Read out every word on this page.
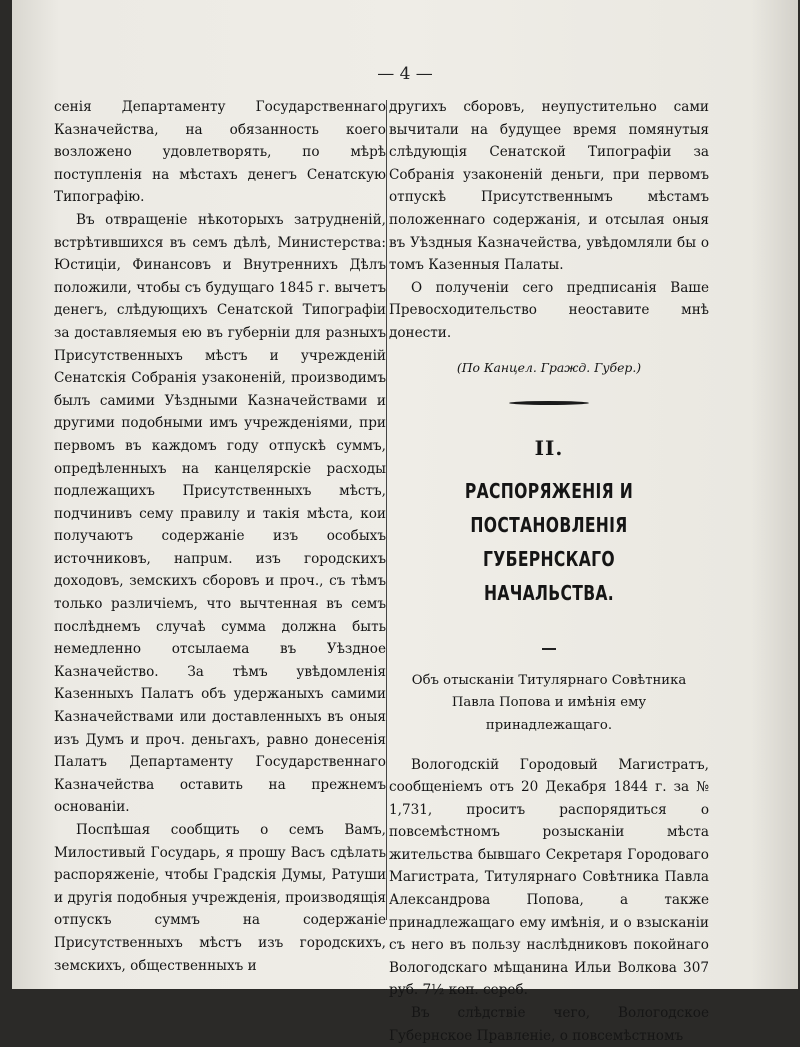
— 4 —

сенія Департаменту Государственнаго Казначейства, на обязанность коего возложено удовлетворять, по мѣрѣ поступленія на мѣстахъ денегъ Сенатскую Типографію.

Въ отвращеніе нѣкоторыхъ затрудненій, встрѣтившихся въ семъ дѣлѣ, Министерства: Юстиціи, Финансовъ и Внутреннихъ Дѣлъ положили, чтобы съ будущаго 1845 г. вычетъ денегъ, слѣдующихъ Сенатской Типографіи за доставляемыя ею въ губерніи для разныхъ Присутственныхъ мѣстъ и учрежденій Сенатскія Собранія узаконеній, производимъ былъ самими Уѣздными Казначействами и другими подобными имъ учрежденіями, при первомъ въ каждомъ году отпускѣ суммъ, опредѣленныхъ на канцелярскіе расходы подлежащихъ Присутственныхъ мѣстъ, подчинивъ сему правилу и такія мѣста, кои получаютъ содержаніе изъ особыхъ источниковъ, напрuм. изъ городскихъ доходовъ, земскихъ сборовъ и проч., съ тѣмъ только различіемъ, что вычтенная въ семъ послѣднемъ случаѣ сумма должна быть немедленно отсылаема въ Уѣздное Казначейство. За тѣмъ увѣдомленія Казенныхъ Палатъ объ удержаныхъ самими Казначействами или доставленныхъ въ оныя изъ Думъ и проч. деньгахъ, равно донесенія Палатъ Департаменту Государственнаго Казначейства оставить на прежнемъ основаніи.

Поспѣшая сообщить о семъ Вамъ, Милостивый Государь, я прошу Васъ сдѣлать распоряженіе, чтобы Градскія Думы, Ратуши и другія подобныя учрежденія, производящія отпускъ суммъ на содержаніе Присутственныхъ мѣстъ изъ городскихъ, земскихъ, общественныхъ и

другихъ сборовъ, неупустительно сами вычитали на будущее время помянутыя слѣдующія Сенатской Типографіи за Собранія узаконеній деньги, при первомъ отпускѣ Присутственнымъ мѣстамъ положеннаго содержанія, и отсылая оныя въ Уѣздныя Казначейства, увѣдомляли бы о томъ Казенныя Палаты.

О полученіи сего предписанія Ваше Превосходительство неоставите мнѣ донести.

(По Канцел. Гражд. Губер.)

II.
РАСПОРЯЖЕНІЯ И ПОСТАНОВЛЕНІЯ
ГУБЕРНСКАГО НАЧАЛЬСТВА.

Объ отысканіи Титулярнаго Совѣтника Павла Попова и имѣнія ему принадлежащаго.

Вологодскій Городовый Магистратъ, сообщеніемъ отъ 20 Декабря 1844 г. за № 1,731, проситъ распорядиться о повсемѣстномъ розысканіи мѣста жительства бывшаго Секретаря Городоваго Магистрата, Титулярнаго Совѣтника Павла Александрова Попова, а также принадлежащаго ему имѣнія, и о взысканіи съ него въ пользу наслѣдниковъ покойнаго Вологодскаго мѣщанина Ильи Волкова 307 руб. 7½ коп. сереб.

Въ слѣдствіе чего, Вологодское Губернское Правленіе, о повсемѣстномъ
